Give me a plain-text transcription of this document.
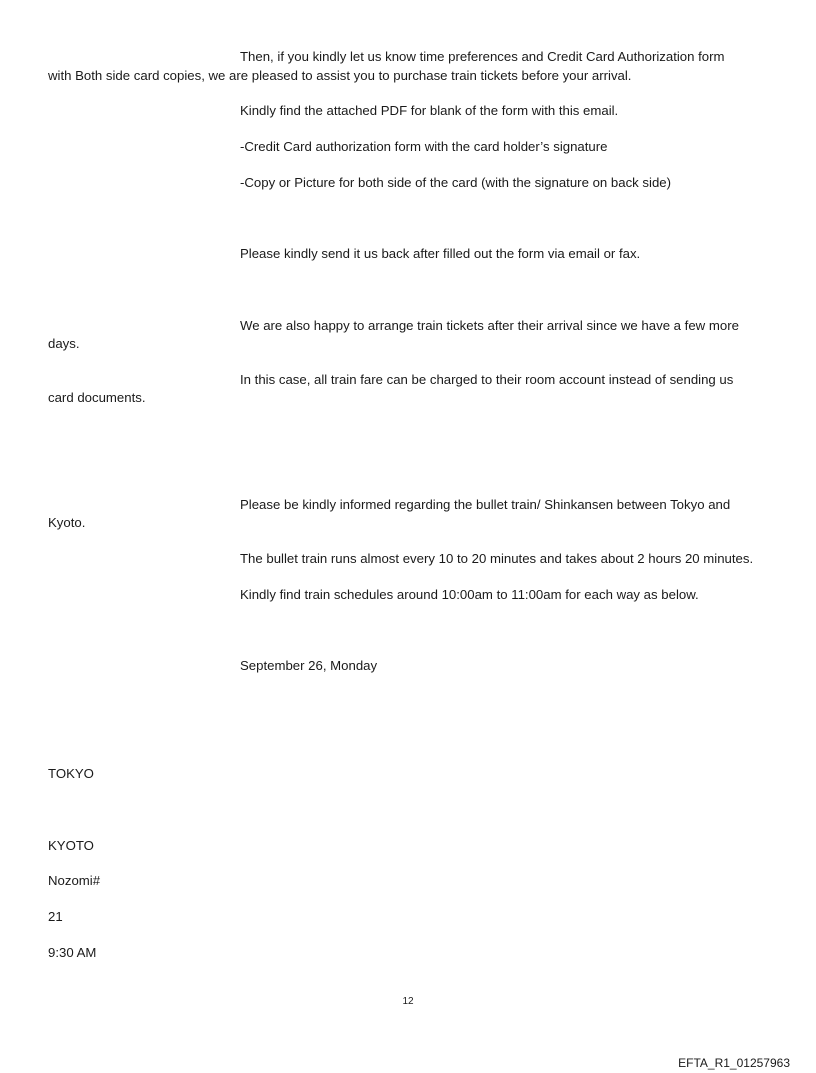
Then, if you kindly let us know time preferences and Credit Card Authorization form
with Both side card copies, we are pleased to assist you to purchase train tickets before your arrival.
Kindly find the attached PDF for blank of the form with this email.
-Credit Card authorization form with the card holder’s signature
-Copy or Picture for both side of the card (with the signature on back side)
Please kindly send it us back after filled out the form via email or fax.
We are also happy to arrange train tickets after their arrival since we have a few more
days.
In this case, all train fare can be charged to their room account instead of sending us
card documents.
Please be kindly informed regarding the bullet train/ Shinkansen between Tokyo and
Kyoto.
The bullet train runs almost every 10 to 20 minutes and takes about 2 hours 20 minutes.
Kindly find train schedules around 10:00am to 11:00am for each way as below.
September 26, Monday
TOKYO
KYOTO
Nozomi#
21
9:30 AM
12
EFTA_R1_01257963
